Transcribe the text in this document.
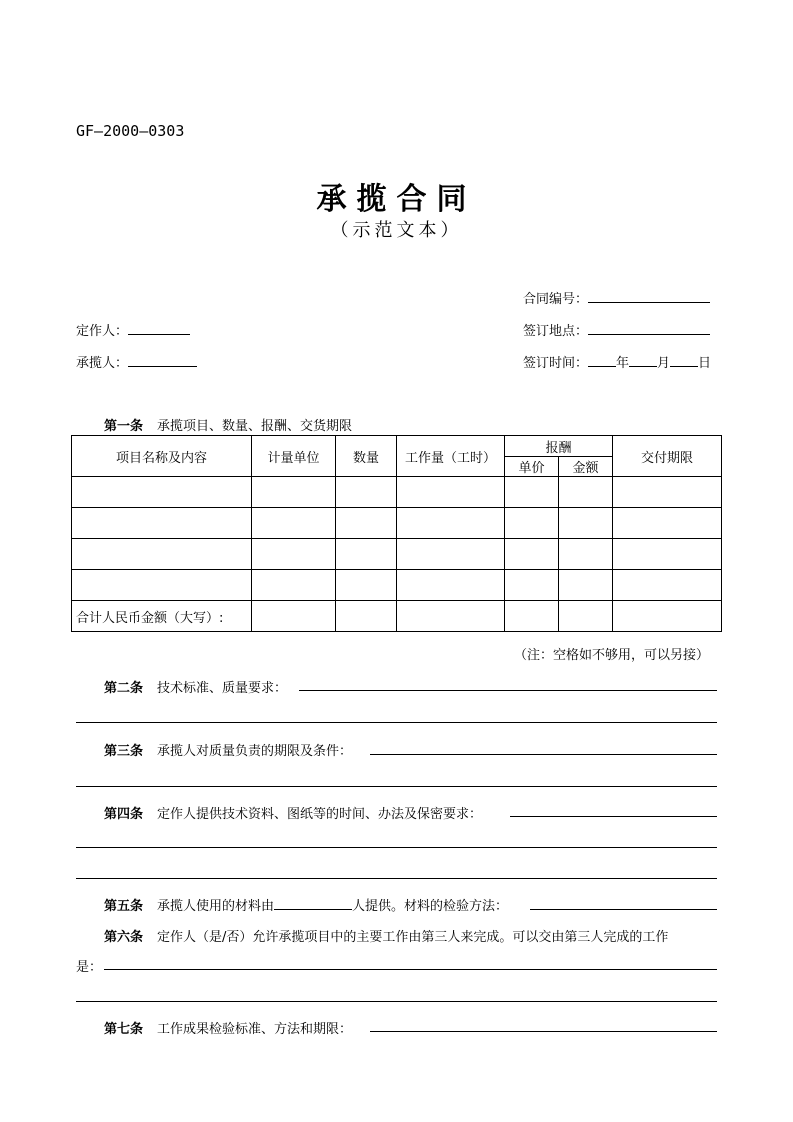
GF—2000—0303
承揽合同
（示范文本）
合同编号：
定作人：	签订地点：
承揽人：	签订时间： 年 月 日
第一条 承揽项目、数量、报酬、交货期限
项目名称及内容	计量单位	数量	工作量（工时）	报酬		交付期限
				单价	金额	

合计人民币金额（大写）:						
（注：空格如不够用，可以另接）
第二条 技术标准、质量要求：
第三条 承揽人对质量负责的期限及条件：
第四条 定作人提供技术资料、图纸等的时间、办法及保密要求：
第五条 承揽人使用的材料由	人提供。材料的检验方法：
第六条 定作人（是/否）允许承揽项目中的主要工作由第三人来完成。可以交由第三人完成的工作
是：
第七条 工作成果检验标准、方法和期限：
